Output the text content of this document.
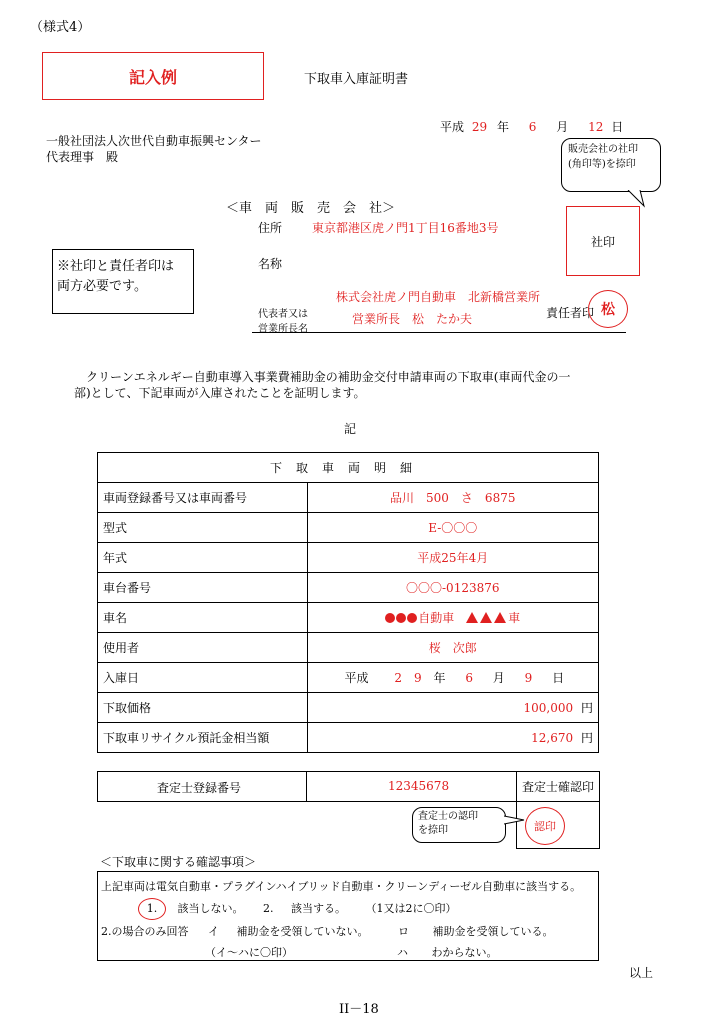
（様式4）
記入例	下取車入庫証明書
平成 29 年 6 月 12 日
一般社団法人次世代自動車振興センター
代表理事　殿
販売会社の社印
(角印等)を捺印
＜車　両　販　売　会　社＞
住所 東京都港区虎ノ門1丁目16番地3号
社印
※社印と責任者印は
両方必要です。
名称
株式会社虎ノ門自動車　北新橋営業所
代表者又は
営業所長名
営業所長　松　たか夫	責任者印 松
クリーンエネルギー自動車導入事業費補助金の補助金交付申請車両の下取車(車両代金の一
部)として、下記車両が入庫されたことを証明します。
記
下取車両明細	
車両登録番号又は車両番号	品川　500　さ　6875
型式	E-〇〇〇
年式	平成25年4月
車台番号	〇〇〇-0123876
車名	自動車　 車
使用者	桜　次郎
入庫日	平成 2　9 年 6 月 9 日
下取価格	100,000 円
下取車リサイクル預託金相当額	12,670 円
査定士登録番号	12345678	査定士確認印
認印
査定士の認印
を捺印
＜下取車に関する確認事項＞
上記車両は電気自動車・プラグインハイブリッド自動車・クリーンディーゼル自動車に該当する。
1. 該当しない。 2. 該当する。 （1又は2に〇印）
2.の場合のみ回答 イ 補助金を受領していない。	ロ 補助金を受領している。
（イ～ハに〇印）	ハ わからない。
以上
II－18
